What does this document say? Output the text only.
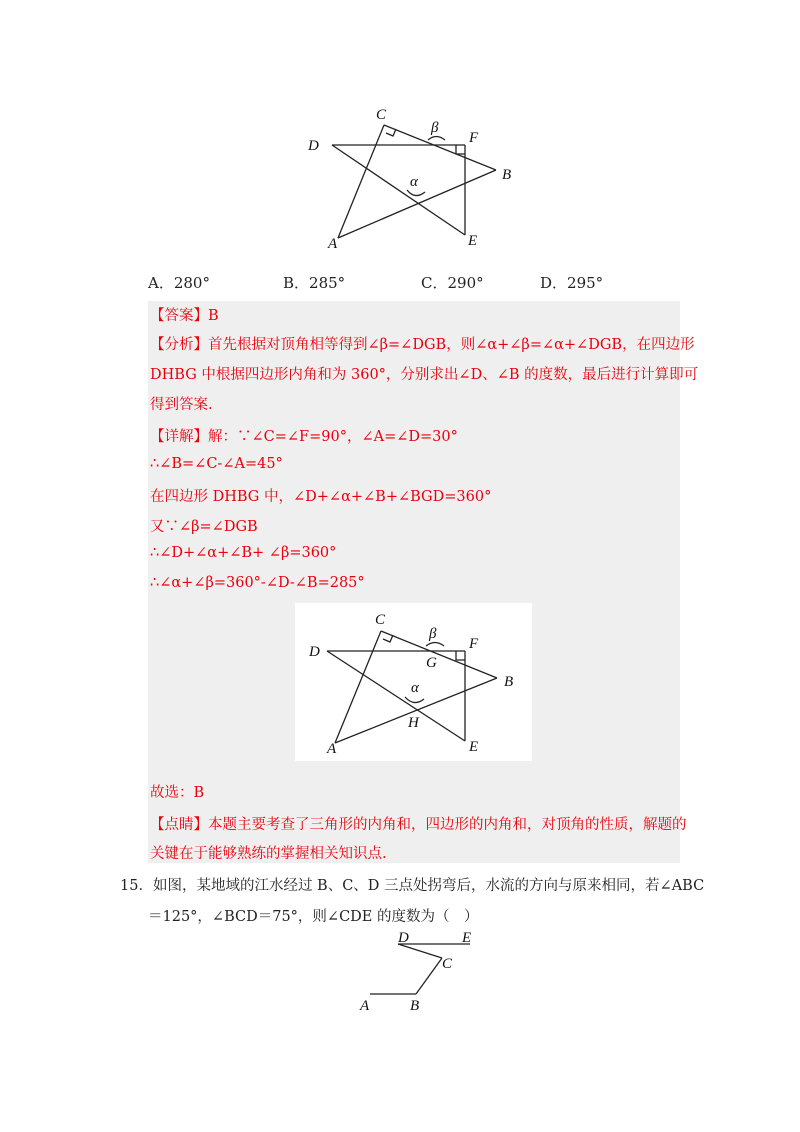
C
β
F
D
B
α
A	E
A．280°	B．285°	C．290°	D．295°
【答案】B
【分析】首先根据对顶角相等得到∠β=∠DGB，则∠α+∠β=∠α+∠DGB，在四边形
DHBG 中根据四边形内角和为 360°，分别求出∠D、∠B 的度数，最后进行计算即可
得到答案.
【详解】解：∵∠C=∠F=90°，∠A=∠D=30°
∴∠B=∠C-∠A=45°
在四边形 DHBG 中，∠D+∠α+∠B+∠BGD=360°
又∵∠β=∠DGB
∴∠D+∠α+∠B+ ∠β=360°
∴∠α+∠β=360°-∠D-∠B=285°
C
β
F
D
G
B
α
H
A	E
故选：B
【点睛】本题主要考查了三角形的内角和，四边形的内角和，对顶角的性质，解题的
关键在于能够熟练的掌握相关知识点.
15．如图，某地域的江水经过 B、C、D 三点处拐弯后，水流的方向与原来相同，若∠ABC
＝125°，∠BCD＝75°，则∠CDE 的度数为（　）
D	E
C
A	B
